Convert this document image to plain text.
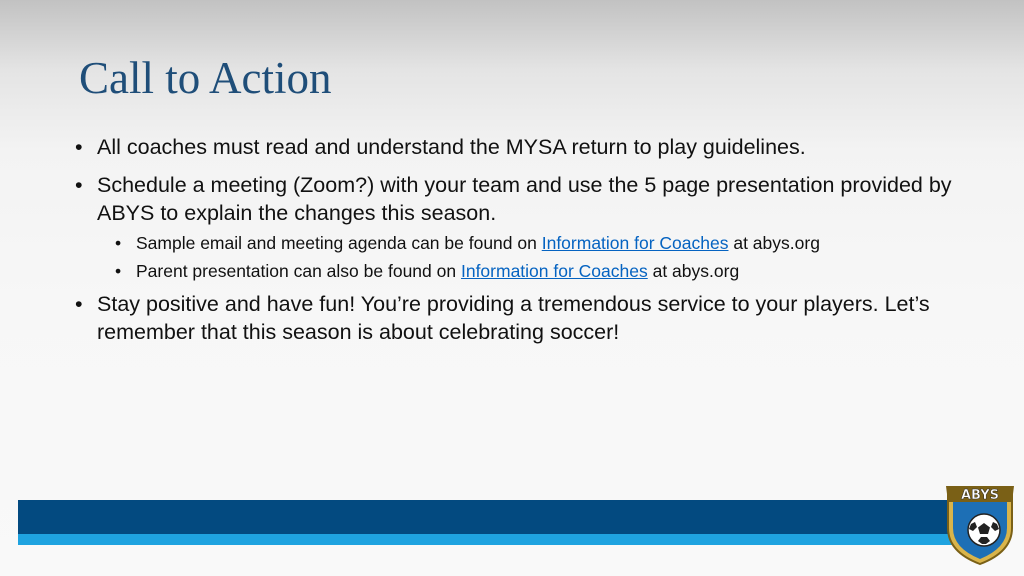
Call to Action
• All coaches must read and understand the MYSA return to play guidelines.
• Schedule a meeting (Zoom?) with your team and use the 5 page presentation provided by ABYS to explain the changes this season.
• Sample email and meeting agenda can be found on Information for Coaches at abys.org
• Parent presentation can also be found on Information for Coaches at abys.org
• Stay positive and have fun! You’re providing a tremendous service to your players. Let’s remember that this season is about celebrating soccer!
ABYS
